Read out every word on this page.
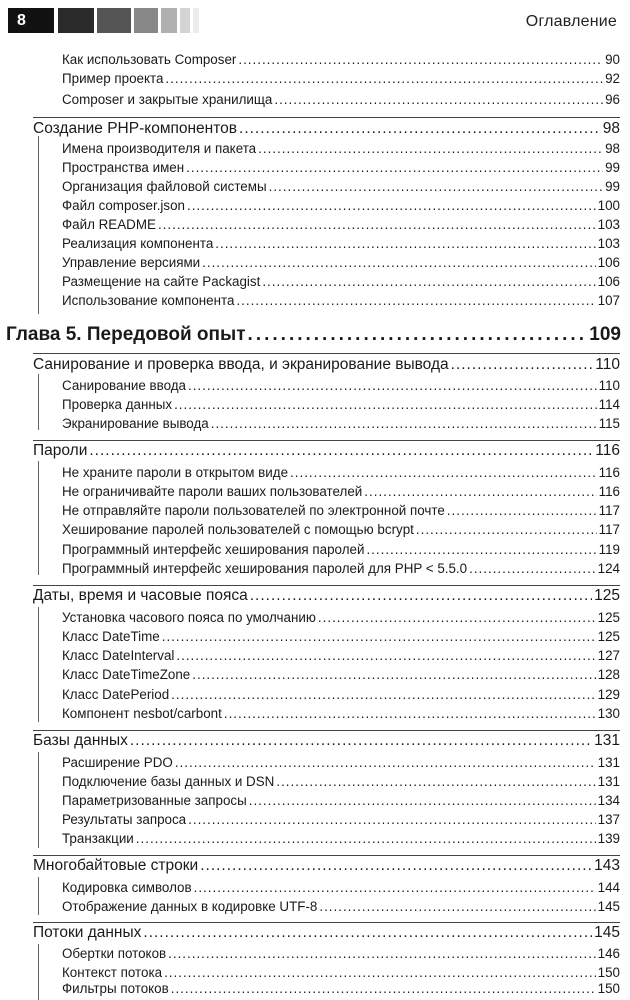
8	Оглавление
Как использовать Composer .....	90
Пример проекта .....	92
Composer и закрытые хранилища .....	96
Создание PHP-компонентов .....	98
Имена производителя и пакета .....	98
Пространства имен .....	99
Организация файловой системы .....	99
Файл composer.json .....	100
Файл README .....	103
Реализация компонента .....	103
Управление версиями .....	106
Размещение на сайте Packagist .....	106
Использование компонента .....	107
Глава 5. Передовой опыт .....	109
Санирование и проверка ввода, и экранирование вывода .....	110
Санирование ввода .....	110
Проверка данных .....	114
Экранирование вывода .....	115
Пароли .....	116
Не храните пароли в открытом виде .....	116
Не ограничивайте пароли ваших пользователей .....	116
Не отправляйте пароли пользователей по электронной почте .....	117
Хеширование паролей пользователей с помощью bcrypt .....	117
Программный интерфейс хеширования паролей .....	119
Программный интерфейс хеширования паролей для PHP < 5.5.0 .....	124
Даты, время и часовые пояса .....	125
Установка часового пояса по умолчанию .....	125
Класс DateTime .....	125
Класс DateInterval .....	127
Класс DateTimeZone .....	128
Класс DatePeriod .....	129
Компонент nesbot/carbont .....	130
Базы данных .....	131
Расширение PDO .....	131
Подключение базы данных и DSN .....	131
Параметризованные запросы .....	134
Результаты запроса .....	137
Транзакции .....	139
Многобайтовые строки .....	143
Кодировка символов .....	144
Отображение данных в кодировке UTF-8 .....	145
Потоки данных .....	145
Обертки потоков .....	146
Контекст потока .....	150
Фильтры потоков .....	150
